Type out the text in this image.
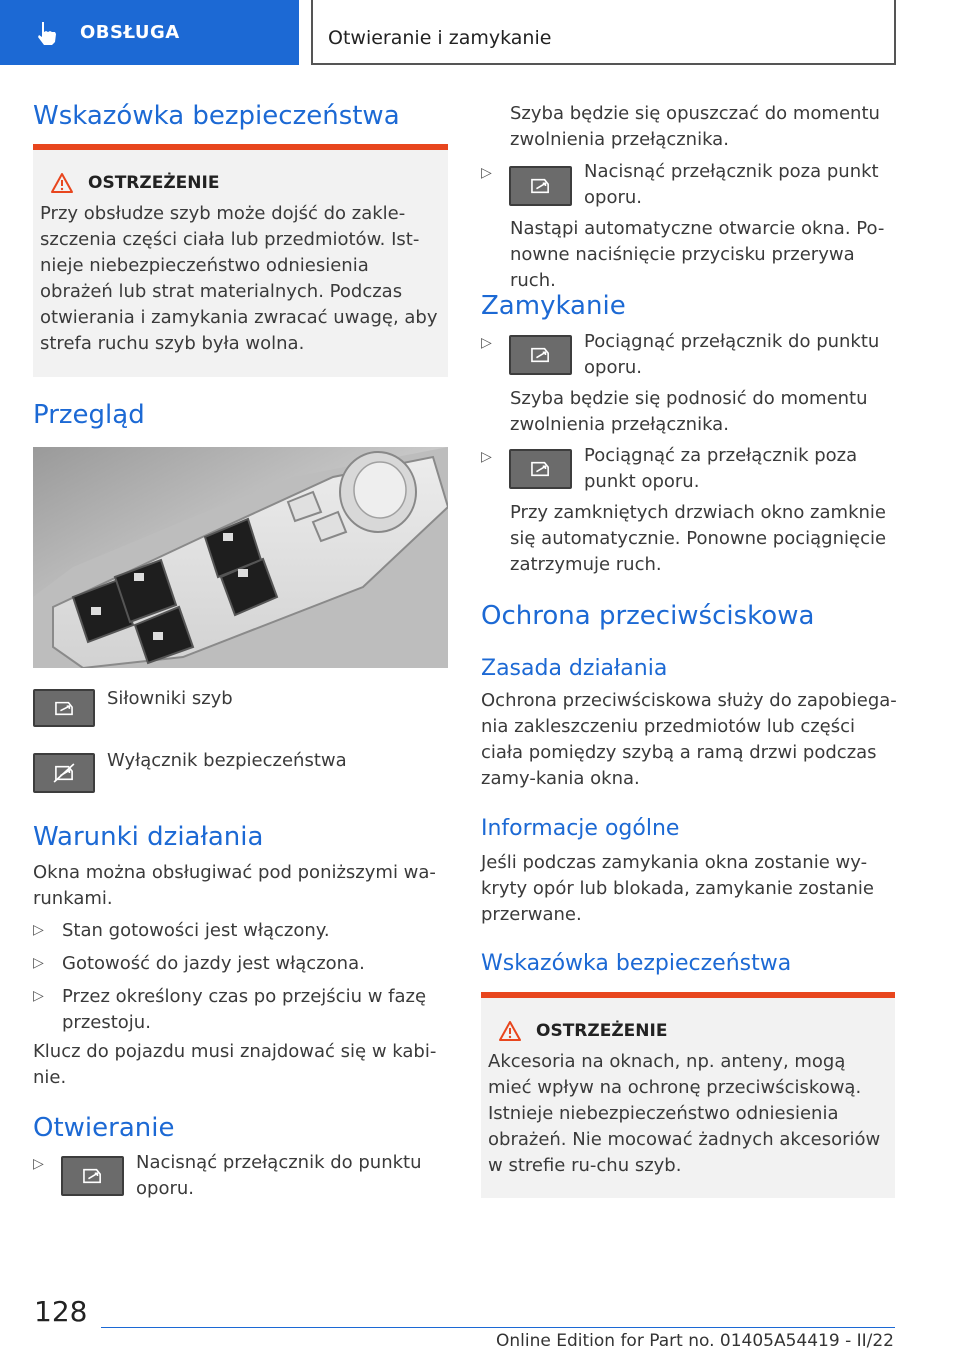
OBSŁUGA	Otwieranie i zamykanie
Wskazówka bezpieczeństwa
OSTRZEŻENIE
Przy obsłudze szyb może dojść do zakle-szczenia części ciała lub przedmiotów. Ist-nieje niebezpieczeństwo odniesienia obrażeń lub strat materialnych. Podczas otwierania i zamykania zwracać uwagę, aby strefa ruchu szyb była wolna.
Przegląd
Siłowniki szyb
Wyłącznik bezpieczeństwa
Warunki działania
Okna można obsługiwać pod poniższymi wa-runkami.
▷ Stan gotowości jest włączony.
▷ Gotowość do jazdy jest włączona.
▷ Przez określony czas po przejściu w fazę przestoju.
Klucz do pojazdu musi znajdować się w kabi-nie.
Otwieranie
▷	Nacisnąć przełącznik do punktu oporu.
Szyba będzie się opuszczać do momentu zwolnienia przełącznika.
▷	Nacisnąć przełącznik poza punkt oporu.
Nastąpi automatyczne otwarcie okna. Po-nowne naciśnięcie przycisku przerywa ruch.
Zamykanie
▷	Pociągnąć przełącznik do punktu oporu.
Szyba będzie się podnosić do momentu zwolnienia przełącznika.
▷	Pociągnąć za przełącznik poza punkt oporu.
Przy zamkniętych drzwiach okno zamknie się automatycznie. Ponowne pociągnięcie zatrzymuje ruch.
Ochrona przeciwściskowa
Zasada działania
Ochrona przeciwściskowa służy do zapobiega-nia zakleszczeniu przedmiotów lub części ciała pomiędzy szybą a ramą drzwi podczas zamy-kania okna.
Informacje ogólne
Jeśli podczas zamykania okna zostanie wy-kryty opór lub blokada, zamykanie zostanie przerwane.
Wskazówka bezpieczeństwa
OSTRZEŻENIE
Akcesoria na oknach, np. anteny, mogą mieć wpływ na ochronę przeciwściskową. Istnieje niebezpieczeństwo odniesienia obrażeń. Nie mocować żadnych akcesoriów w strefie ru-chu szyb.
128
Online Edition for Part no. 01405A54419 - II/22
